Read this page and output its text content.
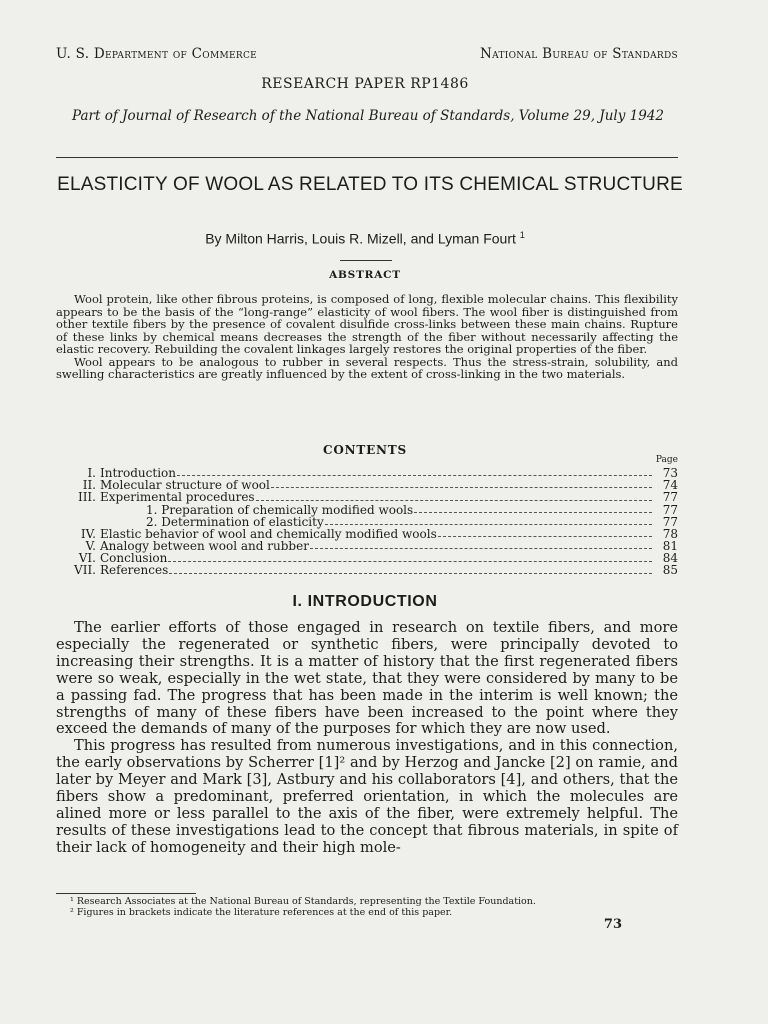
U. S. Department of Commerce	National Bureau of Standards
RESEARCH PAPER RP1486
Part of Journal of Research of the National Bureau of Standards, Volume 29, July 1942
ELASTICITY OF WOOL AS RELATED TO ITS CHEMICAL STRUCTURE
By Milton Harris, Louis R. Mizell, and Lyman Fourt $^1$
ABSTRACT

Wool protein, like other fibrous proteins, is composed of long, flexible molecular chains. This flexibility appears to be the basis of the “long-range” elasticity of wool fibers. The wool fiber is distinguished from other textile fibers by the presence of covalent disulfide cross-links between these main chains. Rupture of these links by chemical means decreases the strength of the fiber without necessarily affecting the elastic recovery. Rebuilding the covalent linkages largely restores the original properties of the fiber.

Wool appears to be analogous to rubber in several respects. Thus the stress-strain, solubility, and swelling characteristics are greatly influenced by the extent of cross-linking in the two materials.

CONTENTS
Page
I. Introduction	73
II. Molecular structure of wool	74
III. Experimental procedures	77
1. Preparation of chemically modified wools	77
2. Determination of elasticity	77
IV. Elastic behavior of wool and chemically modified wools	78
V. Analogy between wool and rubber	81
VI. Conclusion	84
VII. References	85
I. INTRODUCTION

The earlier efforts of those engaged in research on textile fibers, and more especially the regenerated or synthetic fibers, were principally devoted to increasing their strengths. It is a matter of history that the first regenerated fibers were so weak, especially in the wet state, that they were considered by many to be a passing fad. The progress that has been made in the interim is well known; the strengths of many of these fibers have been increased to the point where they exceed the demands of many of the purposes for which they are now used.

This progress has resulted from numerous investigations, and in this connection, the early observations by Scherrer [1]² and by Herzog and Jancke [2] on ramie, and later by Meyer and Mark [3], Astbury and his collaborators [4], and others, that the fibers show a predominant, preferred orientation, in which the molecules are alined more or less parallel to the axis of the fiber, were extremely helpful. The results of these investigations lead to the concept that fibrous materials, in spite of their lack of homogeneity and their high mole-

¹ Research Associates at the National Bureau of Standards, representing the Textile Foundation.
² Figures in brackets indicate the literature references at the end of this paper.
73
